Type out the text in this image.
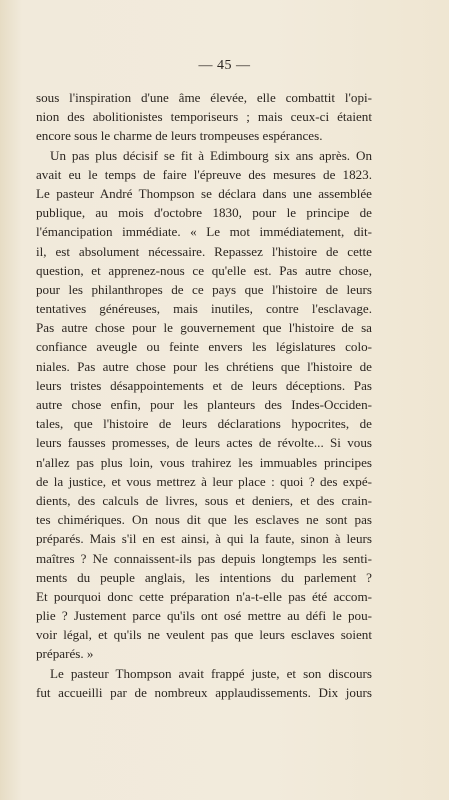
— 45 —
sous l'inspiration d'une âme élevée, elle combattit l'opi-
nion des abolitionistes temporiseurs ; mais ceux-ci étaient
encore sous le charme de leurs trompeuses espérances.
Un pas plus décisif se fit à Edimbourg six ans après. On
avait eu le temps de faire l'épreuve des mesures de 1823.
Le pasteur André Thompson se déclara dans une assemblée
publique, au mois d'octobre 1830, pour le principe de
l'émancipation immédiate. « Le mot immédiatement, dit-
il, est absolument nécessaire. Repassez l'histoire de cette
question, et apprenez-nous ce qu'elle est. Pas autre chose,
pour les philanthropes de ce pays que l'histoire de leurs
tentatives généreuses, mais inutiles, contre l'esclavage.
Pas autre chose pour le gouvernement que l'histoire de sa
confiance aveugle ou feinte envers les législatures colo-
niales. Pas autre chose pour les chrétiens que l'histoire de
leurs tristes désappointements et de leurs déceptions. Pas
autre chose enfin, pour les planteurs des Indes-Occiden-
tales, que l'histoire de leurs déclarations hypocrites, de
leurs fausses promesses, de leurs actes de révolte... Si vous
n'allez pas plus loin, vous trahirez les immuables principes
de la justice, et vous mettrez à leur place : quoi ? des expé-
dients, des calculs de livres, sous et deniers, et des crain-
tes chimériques. On nous dit que les esclaves ne sont pas
préparés. Mais s'il en est ainsi, à qui la faute, sinon à leurs
maîtres ? Ne connaissent-ils pas depuis longtemps les senti-
ments du peuple anglais, les intentions du parlement ?
Et pourquoi donc cette préparation n'a-t-elle pas été accom-
plie ? Justement parce qu'ils ont osé mettre au défi le pou-
voir légal, et qu'ils ne veulent pas que leurs esclaves soient
préparés. »
Le pasteur Thompson avait frappé juste, et son discours
fut accueilli par de nombreux applaudissements. Dix jours
